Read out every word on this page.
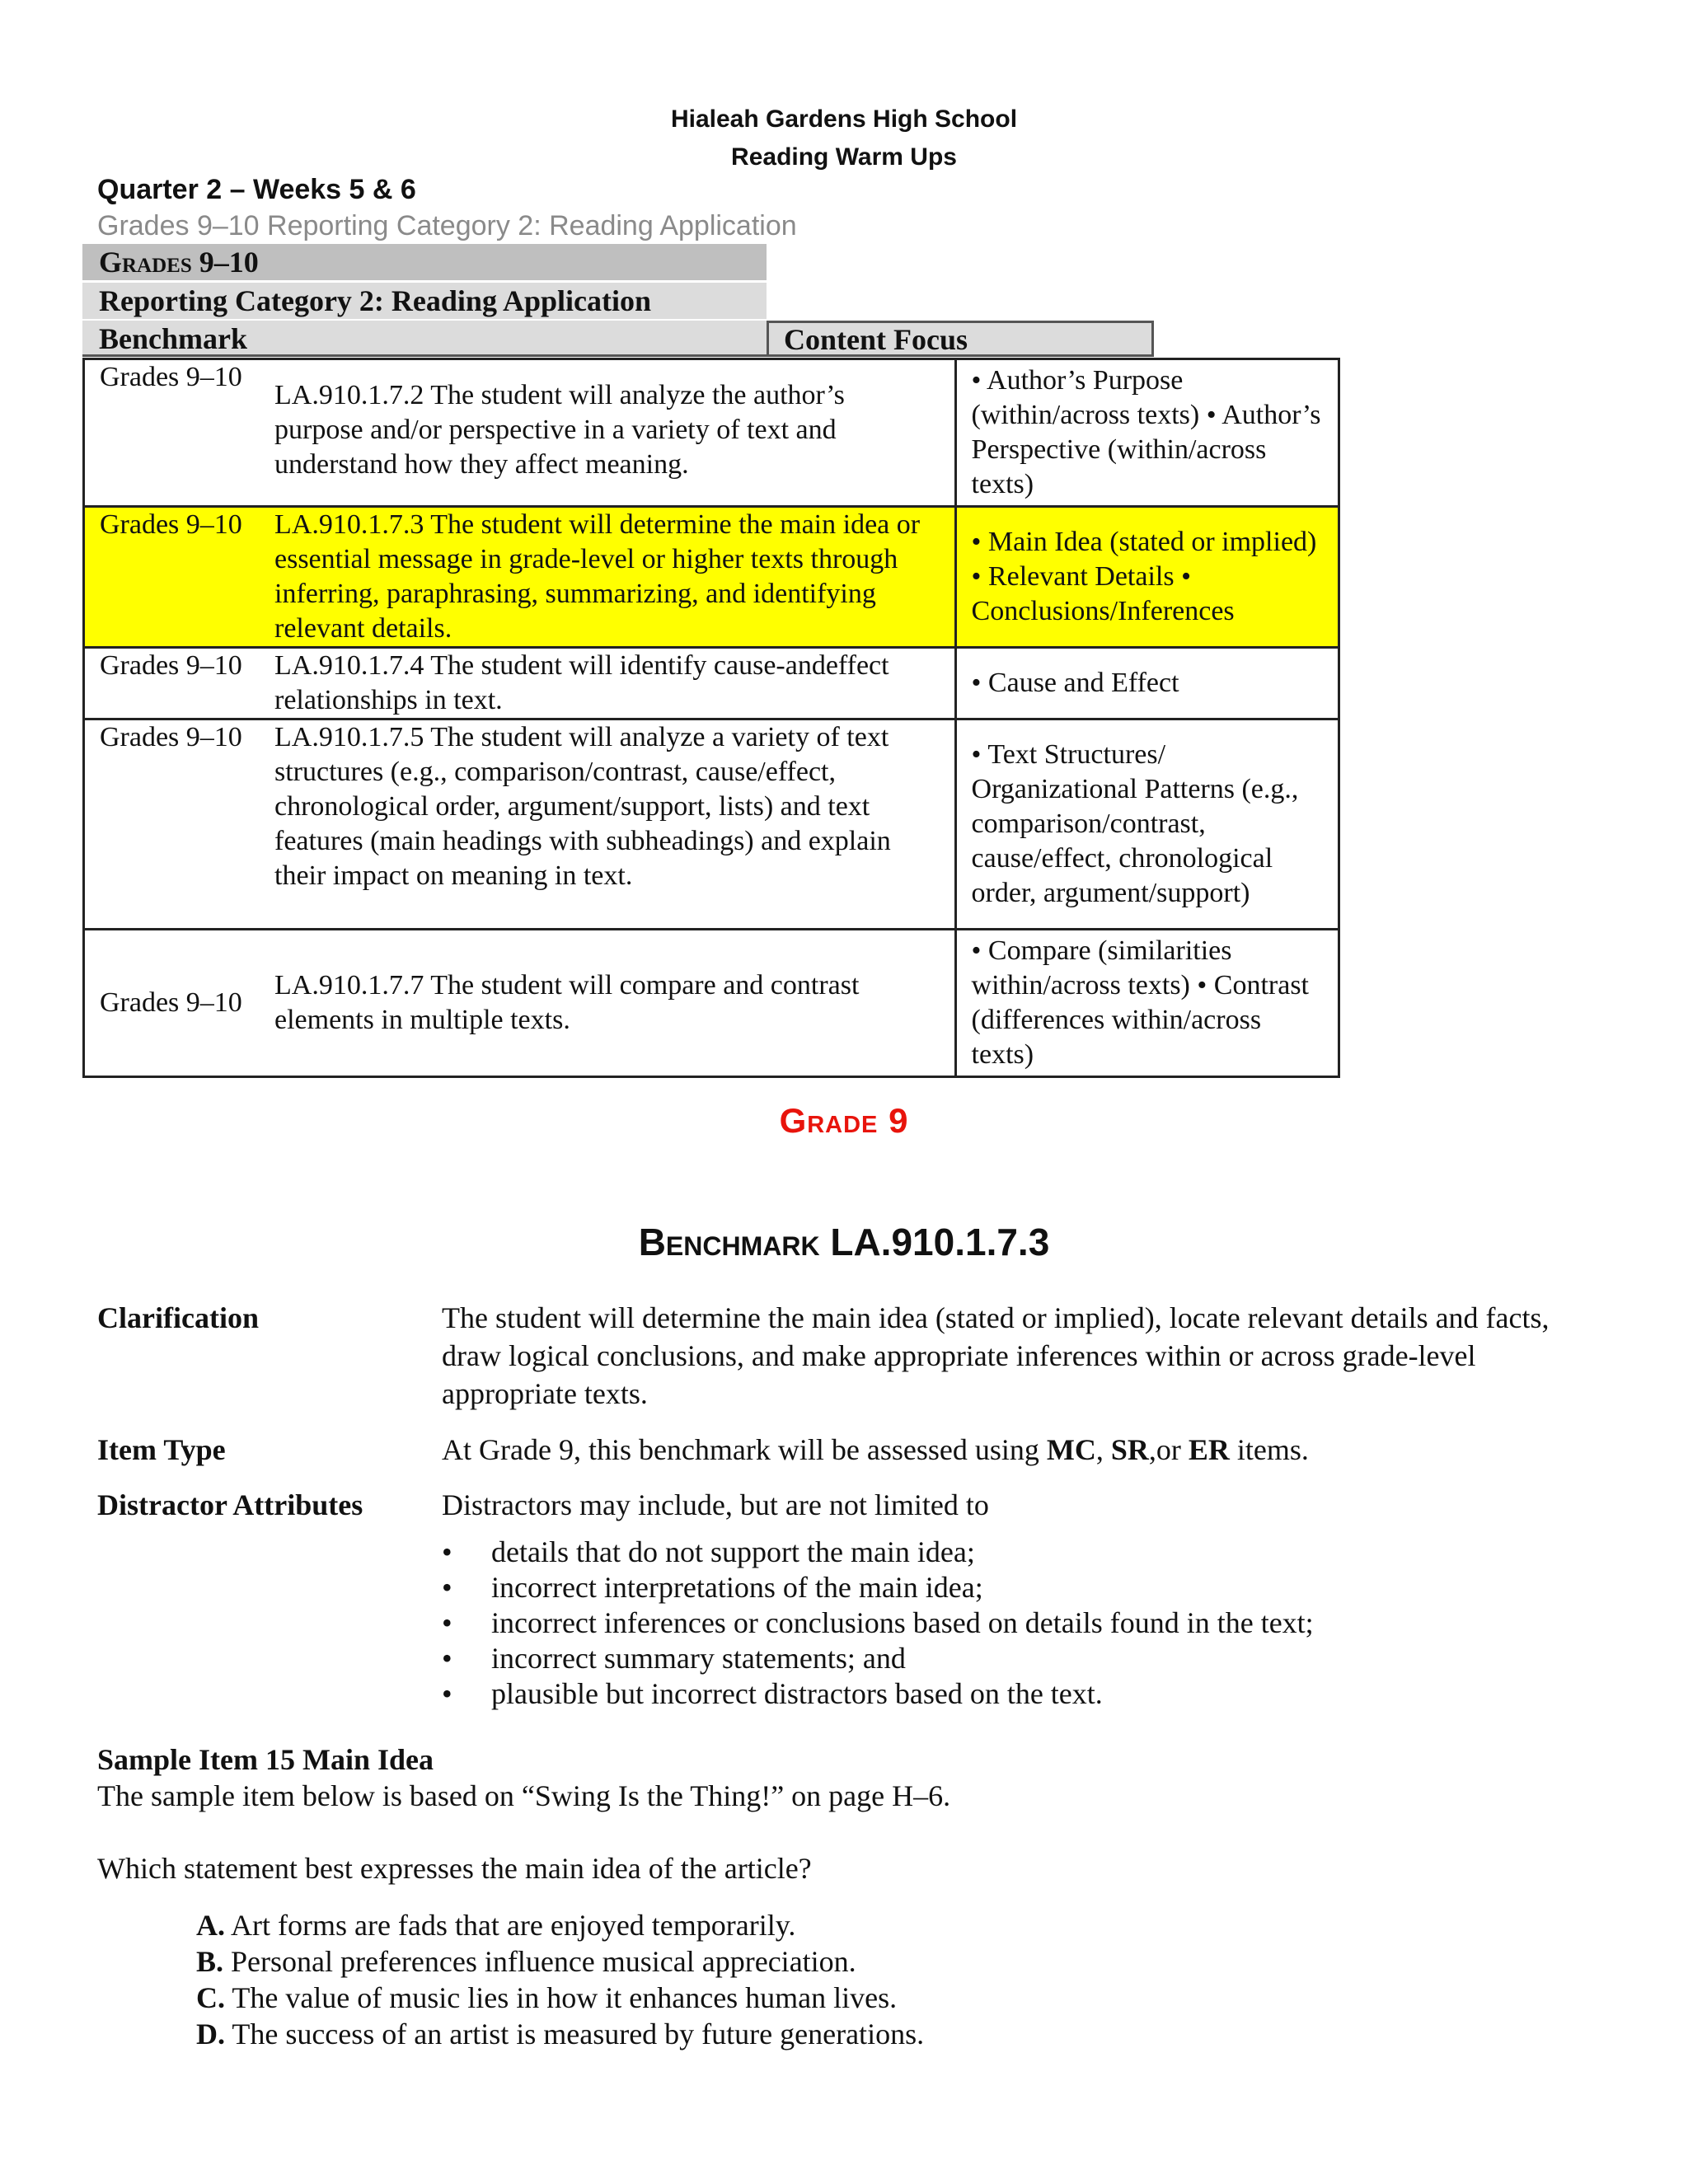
Hialeah Gardens High School
Reading Warm Ups
Quarter 2 – Weeks 5 & 6
Grades 9–10 Reporting Category 2: Reading Application
Grades 9–10
Reporting Category 2: Reading Application
Benchmark	Content Focus
Grades 9–10
LA.910.1.7.2 The student will analyze the author’s purpose and/or perspective in a variety of text and understand how they affect meaning.	• Author’s Purpose (within/across texts) • Author’s Perspective (within/across texts)

Grades 9–10 LA.910.1.7.3 The student will determine the main idea or essential message in grade-level or higher texts through inferring, paraphrasing, summarizing, and identifying relevant details.	• Main Idea (stated or implied) • Relevant Details • Conclusions/Inferences

Grades 9–10 LA.910.1.7.4 The student will identify cause-andeffect relationships in text.	• Cause and Effect

Grades 9–10 LA.910.1.7.5 The student will analyze a variety of text structures (e.g., comparison/contrast, cause/effect, chronological order, argument/support, lists) and text features (main headings with subheadings) and explain their impact on meaning in text.	• Text Structures/ Organizational Patterns (e.g., comparison/contrast, cause/effect, chronological order, argument/support)

Grades 9–10
LA.910.1.7.7 The student will compare and contrast elements in multiple texts.	• Compare (similarities within/across texts) • Contrast (differences within/across texts)
Grade 9
Benchmark LA.910.1.7.3
Clarification	The student will determine the main idea (stated or implied), locate relevant details and facts, draw logical conclusions, and make appropriate inferences within or across grade-level appropriate texts.
Item Type	At Grade 9, this benchmark will be assessed using MC, SR,or ER items.
Distractor Attributes	Distractors may include, but are not limited to
• details that do not support the main idea;
• incorrect interpretations of the main idea;
• incorrect inferences or conclusions based on details found in the text;
• incorrect summary statements; and
• plausible but incorrect distractors based on the text.
Sample Item 15 Main Idea
The sample item below is based on “Swing Is the Thing!” on page H–6.
Which statement best expresses the main idea of the article?
A. Art forms are fads that are enjoyed temporarily.
B. Personal preferences influence musical appreciation.
C. The value of music lies in how it enhances human lives.
D. The success of an artist is measured by future generations.
